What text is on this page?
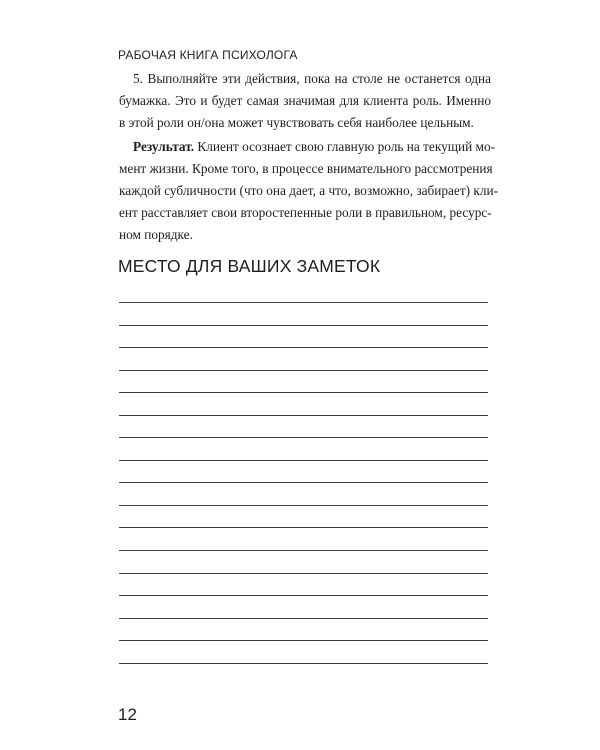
РАБОЧАЯ КНИГА ПСИХОЛОГА
5. Выполняйте эти действия, пока на столе не останется одна
бумажка. Это и будет самая значимая для клиента роль. Именно
в этой роли он/она может чувствовать себя наиболее цельным.
Результат. Клиент осознает свою главную роль на текущий мо-
мент жизни. Кроме того, в процессе внимательного рассмотрения
каждой субличности (что она дает, а что, возможно, забирает) кли-
ент расставляет свои второстепенные роли в правильном, ресурс-
ном порядке.
МЕСТО ДЛЯ ВАШИХ ЗАМЕТОК
12
